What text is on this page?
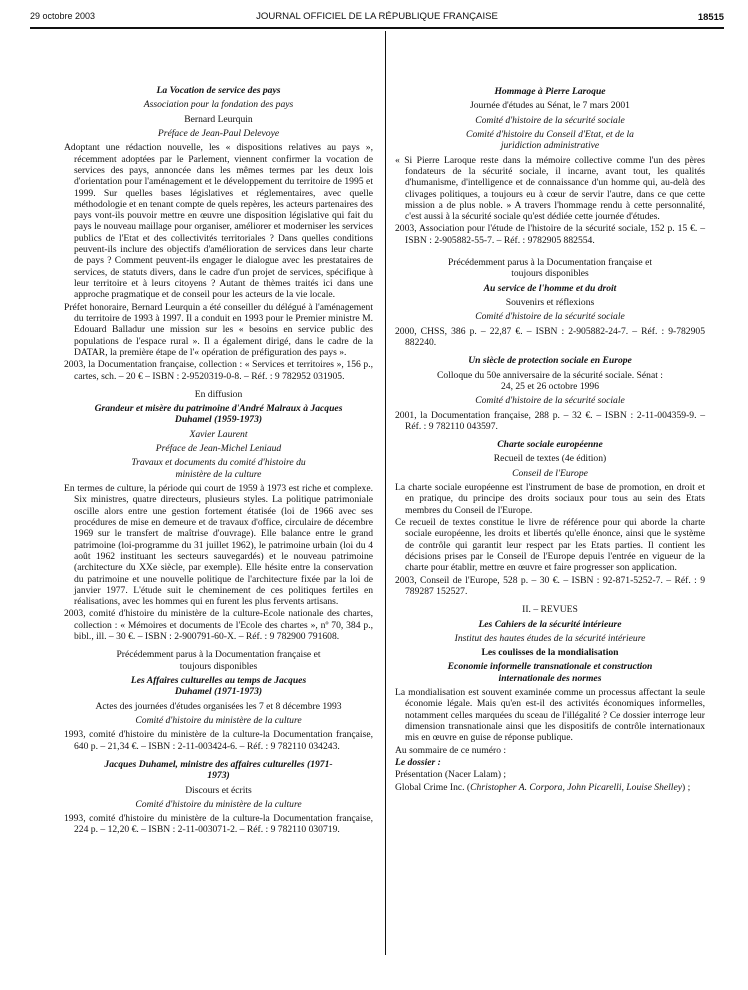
29 octobre 2003	JOURNAL OFFICIEL DE LA RÉPUBLIQUE FRANÇAISE	18515
La Vocation de service des pays
Association pour la fondation des pays
Bernard Leurquin
Préface de Jean-Paul Delevoye
Adoptant une rédaction nouvelle, les « dispositions relatives au pays », récemment adoptées par le Parlement, viennent confirmer la vocation de services des pays, annoncée dans les mêmes termes par les deux lois d'orientation pour l'aménagement et le développement du territoire de 1995 et 1999. Sur quelles bases législatives et réglementaires, avec quelle méthodologie et en tenant compte de quels repères, les acteurs partenaires des pays vont-ils pouvoir mettre en œuvre une disposition législative qui fait du pays le nouveau maillage pour organiser, améliorer et moderniser les services publics de l'Etat et des collectivités territoriales ? Dans quelles conditions peuvent-ils inclure des objectifs d'amélioration de services dans leur charte de pays ? Comment peuvent-ils engager le dialogue avec les prestataires de services, de statuts divers, dans le cadre d'un projet de services, spécifique à leur territoire et à leurs citoyens ? Autant de thèmes traités ici dans une approche pragmatique et de conseil pour les acteurs de la vie locale.
Préfet honoraire, Bernard Leurquin a été conseiller du délégué à l'aménagement du territoire de 1993 à 1997. Il a conduit en 1993 pour le Premier ministre M. Edouard Balladur une mission sur les « besoins en service public des populations de l'espace rural ». Il a également dirigé, dans le cadre de la DATAR, la première étape de l'« opération de préfiguration des pays ».
2003, la Documentation française, collection : « Services et territoires », 156 p., cartes, sch. – 20 € – ISBN : 2-9520319-0-8. – Réf. : 9 782952 031905.
En diffusion
Grandeur et misère du patrimoine d'André Malraux à Jacques Duhamel (1959-1973)
Xavier Laurent
Préface de Jean-Michel Leniaud
Travaux et documents du comité d'histoire du ministère de la culture
En termes de culture, la période qui court de 1959 à 1973 est riche et complexe. Six ministres, quatre directeurs, plusieurs styles. La politique patrimoniale oscille alors entre une gestion fortement étatisée (loi de 1966 avec ses procédures de mise en demeure et de travaux d'office, circulaire de décembre 1969 sur le transfert de maîtrise d'ouvrage). Elle balance entre le grand patrimoine (loi-programme du 31 juillet 1962), le patrimoine urbain (loi du 4 août 1962 instituant les secteurs sauvegardés) et le nouveau patrimoine (architecture du XXe siècle, par exemple). Elle hésite entre la conservation du patrimoine et une nouvelle politique de l'architecture fixée par la loi de janvier 1977. L'étude suit le cheminement de ces politiques fertiles en réalisations, avec les hommes qui en furent les plus fervents artisans.
2003, comité d'histoire du ministère de la culture-Ecole nationale des chartes, collection : « Mémoires et documents de l'Ecole des chartes », nº 70, 384 p., bibl., ill. – 30 €. – ISBN : 2-900791-60-X. – Réf. : 9 782900 791608.
Précédemment parus à la Documentation française et toujours disponibles
Les Affaires culturelles au temps de Jacques Duhamel (1971-1973)
Actes des journées d'études organisées les 7 et 8 décembre 1993
Comité d'histoire du ministère de la culture
1993, comité d'histoire du ministère de la culture-la Documentation française, 640 p. – 21,34 €. – ISBN : 2-11-003424-6. – Réf. : 9 782110 034243.
Jacques Duhamel, ministre des affaires culturelles (1971-1973)
Discours et écrits
Comité d'histoire du ministère de la culture
1993, comité d'histoire du ministère de la culture-la Documentation française, 224 p. – 12,20 €. – ISBN : 2-11-003071-2. – Réf. : 9 782110 030719.
Hommage à Pierre Laroque
Journée d'études au Sénat, le 7 mars 2001
Comité d'histoire de la sécurité sociale
Comité d'histoire du Conseil d'Etat, et de la juridiction administrative
« Si Pierre Laroque reste dans la mémoire collective comme l'un des pères fondateurs de la sécurité sociale, il incarne, avant tout, les qualités d'humanisme, d'intelligence et de connaissance d'un homme qui, au-delà des clivages politiques, a toujours eu à cœur de servir l'autre, dans ce que cette mission a de plus noble. » A travers l'hommage rendu à cette personnalité, c'est aussi à la sécurité sociale qu'est dédiée cette journée d'études.
2003, Association pour l'étude de l'histoire de la sécurité sociale, 152 p. 15 €. – ISBN : 2-905882-55-7. – Réf. : 9782905 882554.
Précédemment parus à la Documentation française et toujours disponibles
Au service de l'homme et du droit
Souvenirs et réflexions
Comité d'histoire de la sécurité sociale
2000, CHSS, 386 p. – 22,87 €. – ISBN : 2-905882-24-7. – Réf. : 9-782905 882240.
Un siècle de protection sociale en Europe
Colloque du 50e anniversaire de la sécurité sociale. Sénat : 24, 25 et 26 octobre 1996
Comité d'histoire de la sécurité sociale
2001, la Documentation française, 288 p. – 32 €. – ISBN : 2-11-004359-9. – Réf. : 9 782110 043597.
Charte sociale européenne
Recueil de textes (4e édition)
Conseil de l'Europe
La charte sociale européenne est l'instrument de base de promotion, en droit et en pratique, du principe des droits sociaux pour tous au sein des Etats membres du Conseil de l'Europe.
Ce recueil de textes constitue le livre de référence pour qui aborde la charte sociale européenne, les droits et libertés qu'elle énonce, ainsi que le système de contrôle qui garantit leur respect par les Etats parties. Il contient les décisions prises par le Conseil de l'Europe depuis l'entrée en vigueur de la charte pour établir, mettre en œuvre et faire progresser son application.
2003, Conseil de l'Europe, 528 p. – 30 €. – ISBN : 92-871-5252-7. – Réf. : 9 789287 152527.
II. – REVUES
Les Cahiers de la sécurité intérieure
Institut des hautes études de la sécurité intérieure
Les coulisses de la mondialisation
Economie informelle transnationale et construction internationale des normes
La mondialisation est souvent examinée comme un processus affectant la seule économie légale. Mais qu'en est-il des activités économiques informelles, notamment celles marquées du sceau de l'illégalité ? Ce dossier interroge leur dimension transnationale ainsi que les dispositifs de contrôle internationaux mis en œuvre en guise de réponse publique.
Au sommaire de ce numéro :
Le dossier :
Présentation (Nacer Lalam) ;
Global Crime Inc. (Christopher A. Corpora, John Picarelli, Louise Shelley) ;
